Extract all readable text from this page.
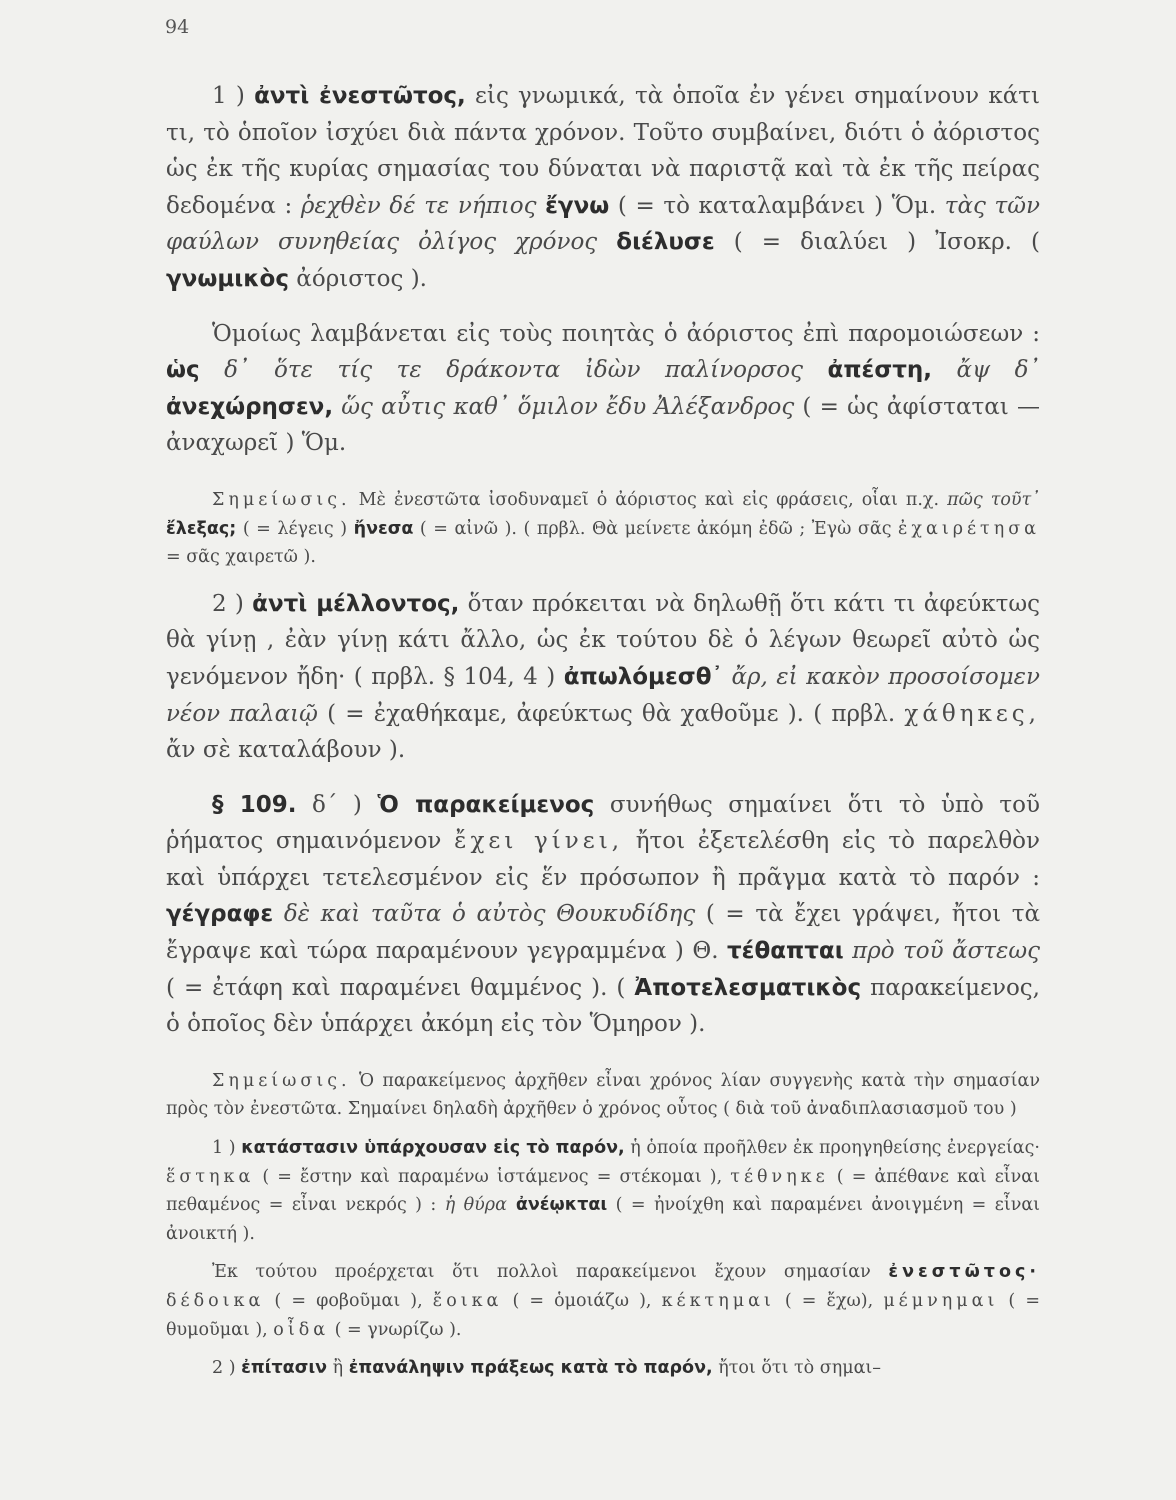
94

1 ) ἀντὶ ἐνεστῶτος, εἰς γνωμικά, τὰ ὁποῖα ἐν γένει σημαίνουν κάτι τι, τὸ ὁποῖον ἰσχύει διὰ πάντα χρόνον. Τοῦτο συμβαίνει, διότι ὁ ἀόριστος ὡς ἐκ τῆς κυρίας σημασίας του δύναται νὰ παριστᾷ καὶ τὰ ἐκ τῆς πείρας δεδομένα : ῥεχθὲν δέ τε νήπιος ἔγνω ( = τὸ καταλαμβάνει ) Ὅμ. τὰς τῶν φαύλων συνηθείας ὀλίγος χρόνος διέλυσε ( = διαλύει ) Ἰσοκρ. ( γνωμικὸς ἀόριστος ).

Ὁμοίως λαμβάνεται εἰς τοὺς ποιητὰς ὁ ἀόριστος ἐπὶ παρομοιώσεων : ὡς δ᾽ ὅτε τίς τε δράκοντα ἰδὼν παλίνορσος ἀπέστη, ἄψ δ᾽ ἀνεχώρησεν, ὥς αὖτις καθ᾽ ὅμιλον ἔδυ Ἀλέξανδρος ( = ὡς ἀφίσταται — ἀναχωρεῖ ) Ὅμ.

Σημείωσις. Μὲ ἐνεστῶτα ἰσοδυναμεῖ ὁ ἀόριστος καὶ εἰς φράσεις, οἷαι π.χ. πῶς τοῦτ᾽ ἔλεξας; ( = λέγεις ) ἤνεσα ( = αἰνῶ ). ( πρβλ. Θὰ μείνετε ἀκόμη ἐδῶ ; Ἐγὼ σᾶς ἐχαιρέτησα = σᾶς χαιρετῶ ).

2 ) ἀντὶ μέλλοντος, ὅταν πρόκειται νὰ δηλωθῇ ὅτι κάτι τι ἀφεύκτως θὰ γίνῃ , ἐὰν γίνῃ κάτι ἄλλο, ὡς ἐκ τούτου δὲ ὁ λέγων θεωρεῖ αὐτὸ ὡς γενόμενον ἤδη· ( πρβλ. § 104, 4 ) ἀπωλόμεσθ᾽ ἄρ, εἰ κακὸν προσοίσομεν νέον παλαιῷ ( = ἐχαθήκαμε, ἀφεύκτως θὰ χαθοῦμε ). ( πρβλ. χάθηκες, ἄν σὲ καταλάβουν ).

§ 109. δ´ ) Ὁ παρακείμενος συνήθως σημαίνει ὅτι τὸ ὑπὸ τοῦ ῥήματος σημαινόμενον ἔχει γίνει, ἤτοι ἐξετελέσθη εἰς τὸ παρελθὸν καὶ ὑπάρχει τετελεσμένον εἰς ἕν πρόσωπον ἢ πρᾶγμα κατὰ τὸ παρόν : γέγραφε δὲ καὶ ταῦτα ὁ αὐτὸς Θουκυδίδης ( = τὰ ἔχει γράψει, ἤτοι τὰ ἔγραψε καὶ τώρα παραμένουν γεγραμμένα ) Θ. τέθαπται πρὸ τοῦ ἄστεως ( = ἐτάφη καὶ παραμένει θαμμένος ). ( Ἀποτελεσματικὸς παρακείμενος, ὁ ὁποῖος δὲν ὑπάρχει ἀκόμη εἰς τὸν Ὅμηρον ).

Σημείωσις. Ὁ παρακείμενος ἀρχῆθεν εἶναι χρόνος λίαν συγγενὴς κατὰ τὴν σημασίαν πρὸς τὸν ἐνεστῶτα. Σημαίνει δηλαδὴ ἀρχῆθεν ὁ χρόνος οὗτος ( διὰ τοῦ ἀναδιπλασιασμοῦ του )

1 ) κατάστασιν ὑπάρχουσαν εἰς τὸ παρόν, ἡ ὁποία προῆλθεν ἐκ προηγηθείσης ἐνεργείας· ἕστηκα ( = ἔστην καὶ παραμένω ἱστάμενος = στέκομαι ), τέθνηκε ( = ἀπέθανε καὶ εἶναι πεθαμένος = εἶναι νεκρός ) : ἡ θύρα ἀνέῳκται ( = ἠνοίχθη καὶ παραμένει ἀνοιγμένη = εἶναι ἀνοικτή ).

Ἐκ τούτου προέρχεται ὅτι πολλοὶ παρακείμενοι ἔχουν σημασίαν ἐνεστῶτος· δέδοικα ( = φοβοῦμαι ), ἔοικα ( = ὁμοιάζω ), κέκτημαι ( = ἔχω), μέμνημαι ( = θυμοῦμαι ), οἶδα ( = γνωρίζω ).

2 ) ἐπίτασιν ἢ ἐπανάληψιν πράξεως κατὰ τὸ παρόν, ἤτοι ὅτι τὸ σημαι–
